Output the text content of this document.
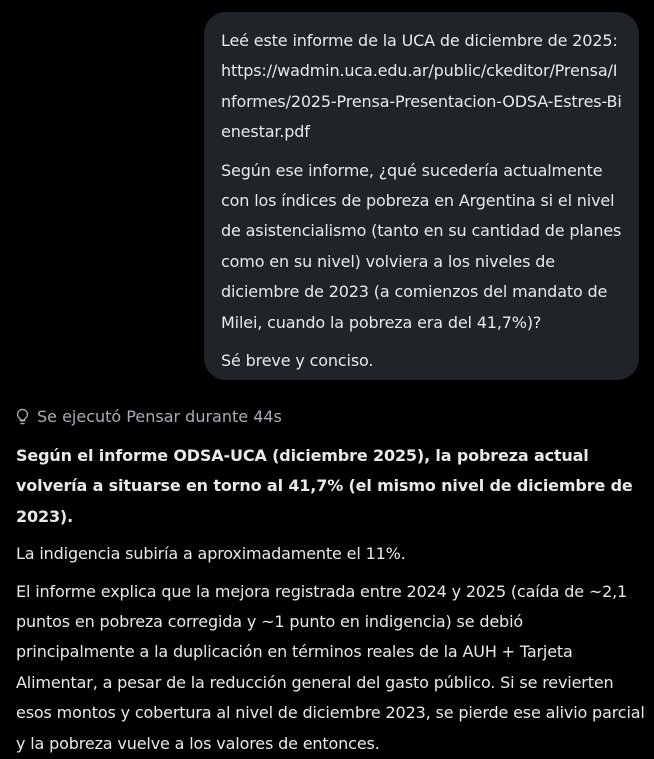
Leé este informe de la UCA de diciembre de 2025:
https://wadmin.uca.edu.ar/public/ckeditor/Prensa/Informes/2025-Prensa-Presentacion-ODSA-Estres-Bienestar.pdf

Según ese informe, ¿qué sucedería actualmente con los índices de pobreza en Argentina si el nivel de asistencialismo (tanto en su cantidad de planes como en su nivel) volviera a los niveles de diciembre de 2023 (a comienzos del mandato de Milei, cuando la pobreza era del 41,7%)?

Sé breve y conciso.

Se ejecutó Pensar durante 44s

Según el informe ODSA-UCA (diciembre 2025), la pobreza actual volvería a situarse en torno al 41,7% (el mismo nivel de diciembre de 2023).

La indigencia subiría a aproximadamente el 11%.

El informe explica que la mejora registrada entre 2024 y 2025 (caída de ~2,1 puntos en pobreza corregida y ~1 punto en indigencia) se debió principalmente a la duplicación en términos reales de la AUH + Tarjeta Alimentar, a pesar de la reducción general del gasto público. Si se revierten esos montos y cobertura al nivel de diciembre 2023, se pierde ese alivio parcial y la pobreza vuelve a los valores de entonces.
